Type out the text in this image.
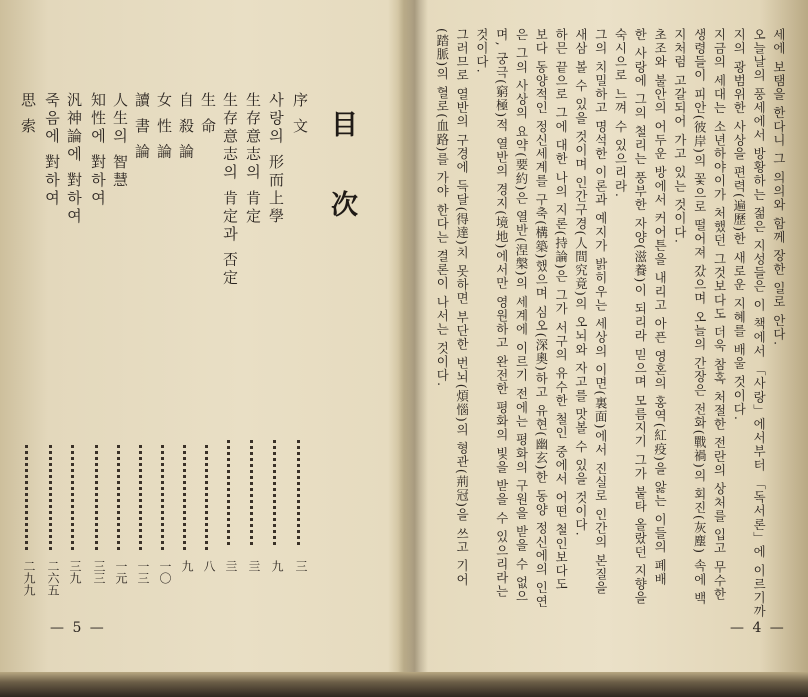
目 次
序 文
三
사랑의 形而上學
九
生存意志의 肯定
亖
生存意志의 肯定과 否定
亖
生 命
八
自 殺 論
九
女 性 論
一〇
讀 書 論
一三
人生의 智慧
一元
知性에 對하여
三三
汎神論에 對하여
三九
죽음에 對하여
二六五
思 索
二九九
— 5 —
세에 보탬을 한다니 그 의의와 함께 장한 일로 안다.
오늘날의 풍세에서 방황하는 젊은 지성들은 이 책에서 「사랑」에서부터 「독서론」에 이르기까
지의 광범위한 사상을 편력(遍歷)한 새로운 지혜를 배울 것이다.
지금의 세대는 소년하야이가 처했던 그것보다도 더욱 참혹 처절한 전란의 상처를 입고 무수한
생령들이 피안(彼岸)의 꽃으로 떨어져 갔으며 오늘의 간장은 전화(戰禍)의 회진(灰塵) 속에 백
지처럼 고갈되어 가고 있는 것이다.
초조와 불안의 어두운 방에서 커어튼을 내리고 아픈 영혼의 홍역(紅疫)을 앓는 이들의 폐배
한 사랑에 그의 철리는 풍부한 자양(滋養)이 되리라 믿으며 모름지기 그가 붙타 올랐던 지향을
숙시으로 느껴 수 있으리라.
그의 치밀하고 명석한 이론과 예지가 밝히우는 세상의 이면(裏面)에서 진실로 인간의 본질을
새삼 볼 수 있을 것이며 인간구경(人間究竟)의 오뇌와 자고를 맛볼 수 있을 것이다.
하믄 끝으로 그에 대한 나의 지론(持論)은 그가 서구의 유수한 철인 중에서 어떤 철인보다도
보다 동양적인 정신세계를 구축(構築)했으며 심오(深奧)하고 유현(幽玄)한 동양 정신에의 인연
은 그의 사상의 요약(要約)은 열반(涅槃)의 세계에 이르기 전에는 평화의 구원을 받을 수 없으
며, 궁극(窮極)적 열반의 경지(境地)에서만 영원하고 완전한 평화의 빛을 받을 수 있으리라는
것이다.
그러므로 열반의 구경에 득달(得達)치 못하면 부단한 번뇌(煩惱)의 형관(荊冠)을 쓰고 기어
(踏脈)의 혈로(血路)를 가야 한다는 결론이 나서는 것이다.
— 4 —
